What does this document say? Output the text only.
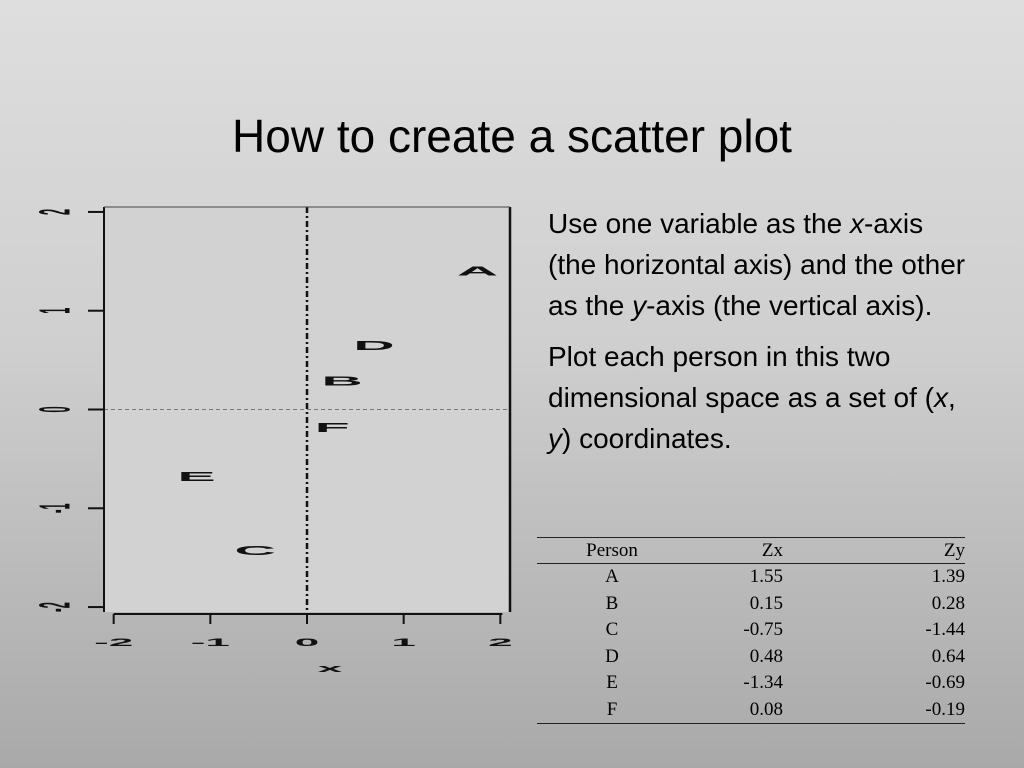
How to create a scatter plot
-2	-1	0	1	2
-2
-1
0
1
2
x
A
B
C
D
E
F

Use one variable as the x-axis (the horizontal axis) and the other as the y-axis (the vertical axis).

Plot each person in this two dimensional space as a set of (x, y) coordinates.

Person	Zx		Zy
A	1.55		1.39
B	0.15		0.28
C	-0.75		-1.44
D	0.48		0.64
E	-1.34		-0.69
F	0.08		-0.19
